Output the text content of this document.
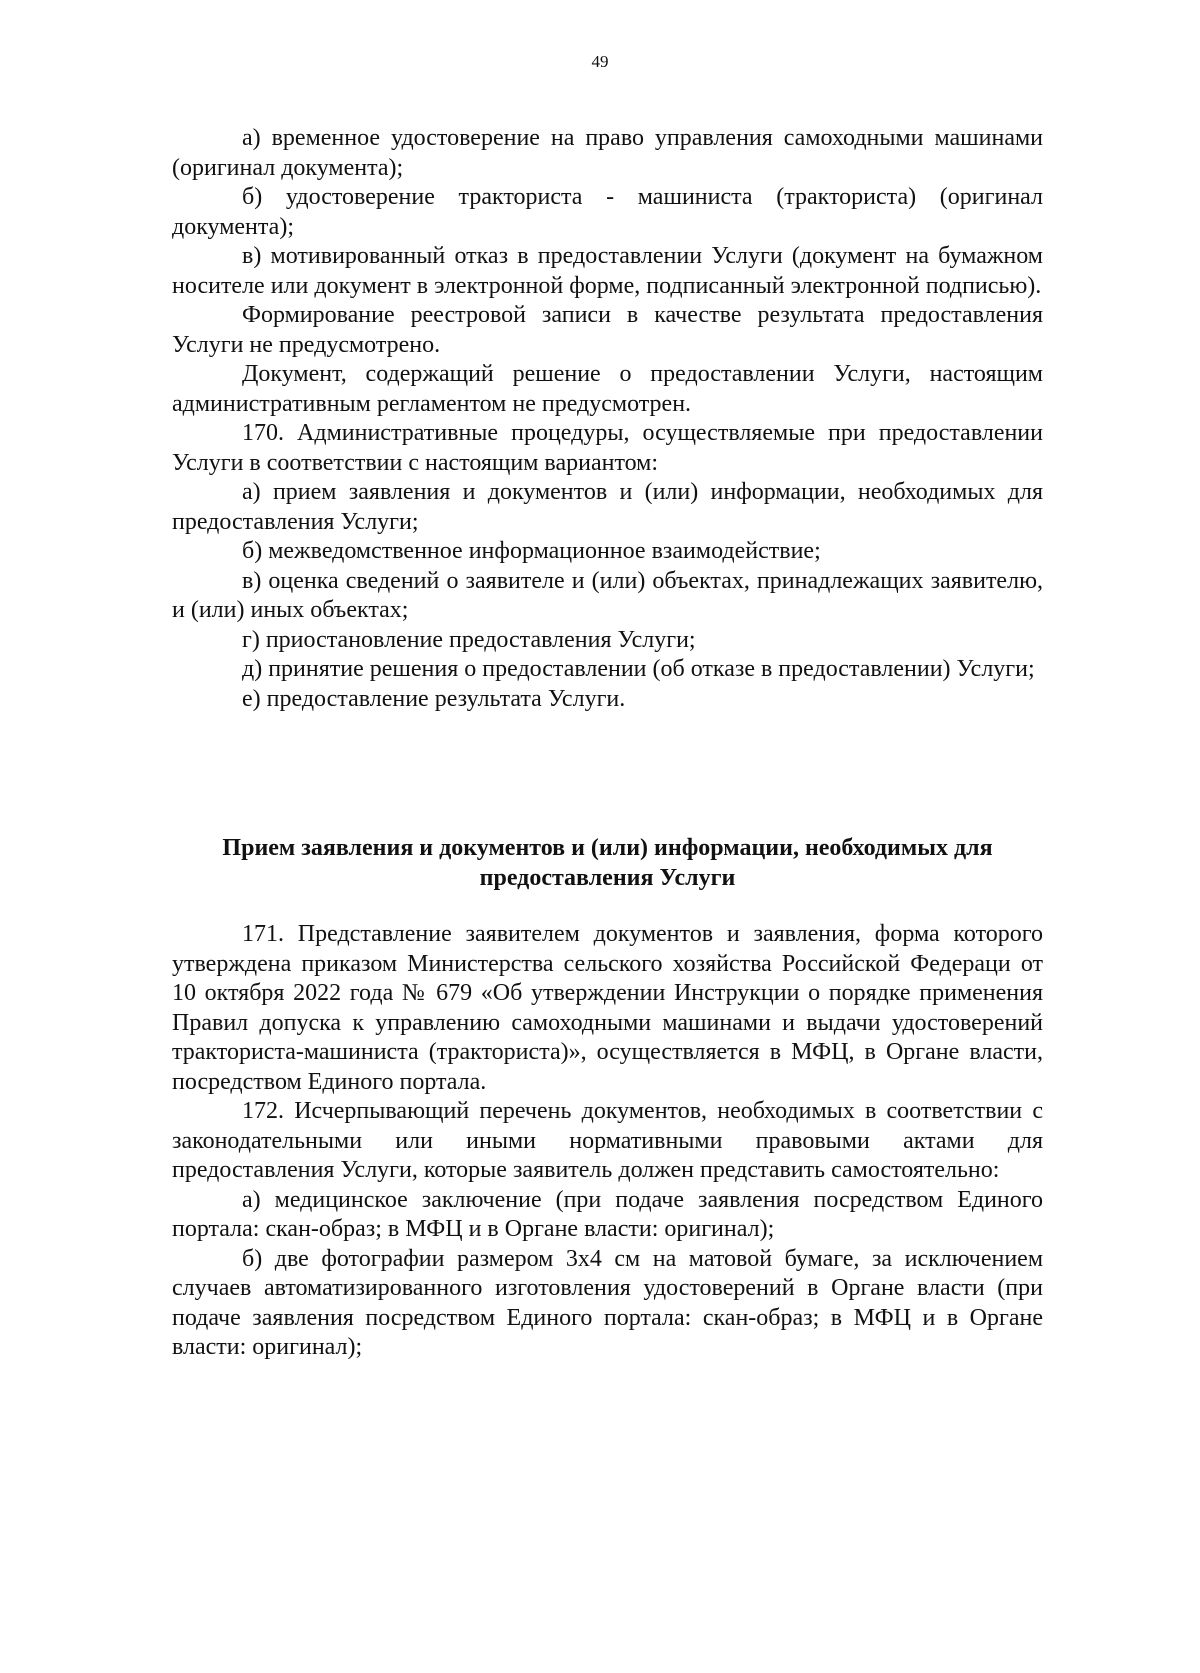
49

а) временное удостоверение на право управления самоходными машинами (оригинал документа);

б) удостоверение тракториста - машиниста (тракториста) (оригинал документа);

в) мотивированный отказ в предоставлении Услуги (документ на бумажном носителе или документ в электронной форме, подписанный электронной подписью).

Формирование реестровой записи в качестве результата предоставления Услуги не предусмотрено.

Документ, содержащий решение о предоставлении Услуги, настоящим административным регламентом не предусмотрен.

170. Административные процедуры, осуществляемые при предоставлении Услуги в соответствии с настоящим вариантом:

а) прием заявления и документов и (или) информации, необходимых для предоставления Услуги;

б) межведомственное информационное взаимодействие;

в) оценка сведений о заявителе и (или) объектах, принадлежащих заявителю, и (или) иных объектах;

г) приостановление предоставления Услуги;

д) принятие решения о предоставлении (об отказе в предоставлении) Услуги;

е) предоставление результата Услуги.

Прием заявления и документов и (или) информации, необходимых для предоставления Услуги

171. Представление заявителем документов и заявления, форма которого утверждена приказом Министерства сельского хозяйства Российской Федераци от 10 октября 2022 года № 679 «Об утверждении Инструкции о порядке применения Правил допуска к управлению самоходными машинами и выдачи удостоверений тракториста-машиниста (тракториста)», осуществляется в МФЦ, в Органе власти, посредством Единого портала.

172. Исчерпывающий перечень документов, необходимых в соответствии с законодательными или иными нормативными правовыми актами для предоставления Услуги, которые заявитель должен представить самостоятельно:

а) медицинское заключение (при подаче заявления посредством Единого портала: скан-образ; в МФЦ и в Органе власти: оригинал);

б) две фотографии размером 3х4 см на матовой бумаге, за исключением случаев автоматизированного изготовления удостоверений в Органе власти (при подаче заявления посредством Единого портала: скан-образ; в МФЦ и в Органе власти: оригинал);
